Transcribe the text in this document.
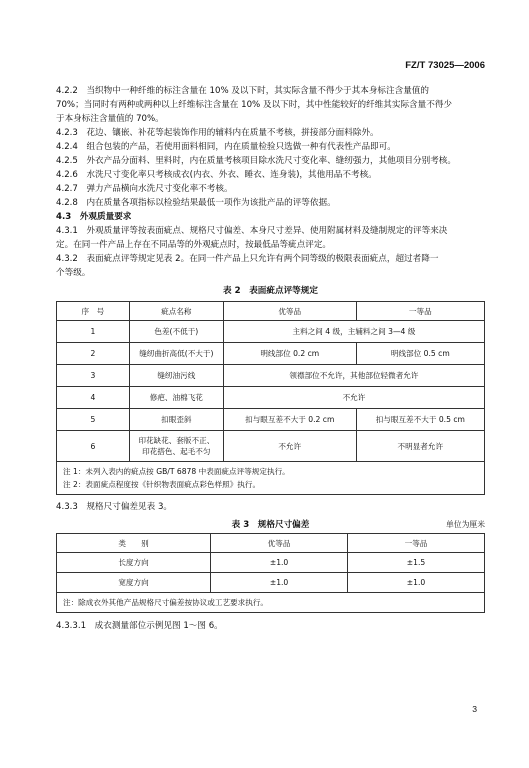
FZ/T 73025—2006

4.2.2　当织物中一种纤维的标注含量在 10% 及以下时，其实际含量不得少于其本身标注含量值的

70%；当同时有两种或两种以上纤维标注含量在 10% 及以下时，其中性能较好的纤维其实际含量不得少

于本身标注含量值的 70%。

4.2.3　花边、镶嵌、补花等起装饰作用的辅料内在质量不考核，拼接部分面料除外。

4.2.4　组合包装的产品，若使用面料相同，内在质量检验只选做一种有代表性产品即可。

4.2.5　外衣产品分面料、里料时，内在质量考核项目除水洗尺寸变化率、缝纫强力，其他项目分别考核。

4.2.6　水洗尺寸变化率只考核成衣(内衣、外衣、睡衣、连身装)，其他用品不考核。

4.2.7　弹力产品横向水洗尺寸变化率不考核。

4.2.8　内在质量各项指标以检验结果最低一项作为该批产品的评等依据。

4.3　外观质量要求

4.3.1　外观质量评等按表面疵点、规格尺寸偏差、本身尺寸差异、使用附属材料及缝制规定的评等来决

定。在同一件产品上存在不同品等的外观疵点时，按最低品等疵点评定。

4.3.2　表面疵点评等规定见表 2。在同一件产品上只允许有两个同等级的极限表面疵点，超过者降一

个等级。

表 2　表面疵点评等规定
序　号	疵点名称	优等品	一等品
1	色差(不低于)	主料之间 4 级，主辅料之间 3—4 级	
2	缝纫曲折高低(不大于)	明线部位 0.2 cm	明线部位 0.5 cm
3	缝纫油污线	领襟部位不允许，其他部位轻微者允许	
4	修疤、油棉飞花	不允许	
5	扣眼歪斜	扣与眼互差不大于 0.2 cm	扣与眼互差不大于 0.5 cm
6	印花缺花、套版不正、
印花搭色、起毛不匀	不允许	不明显者允许

注 1：未列入表内的疵点按 GB/T 6878 中表面疵点评等规定执行。
注 2：表面疵点程度按《针织物表面疵点彩色样照》执行。			

4.3.3　规格尺寸偏差见表 3。

表 3　规格尺寸偏差	单位为厘米
类　　别	优等品	一等品
长度方向	±1.0	±1.5
宽度方向	±1.0	±1.0
注：除成衣外其他产品规格尺寸偏差按协议或工艺要求执行。		

4.3.3.1　成衣测量部位示例见图 1～图 6。

3
